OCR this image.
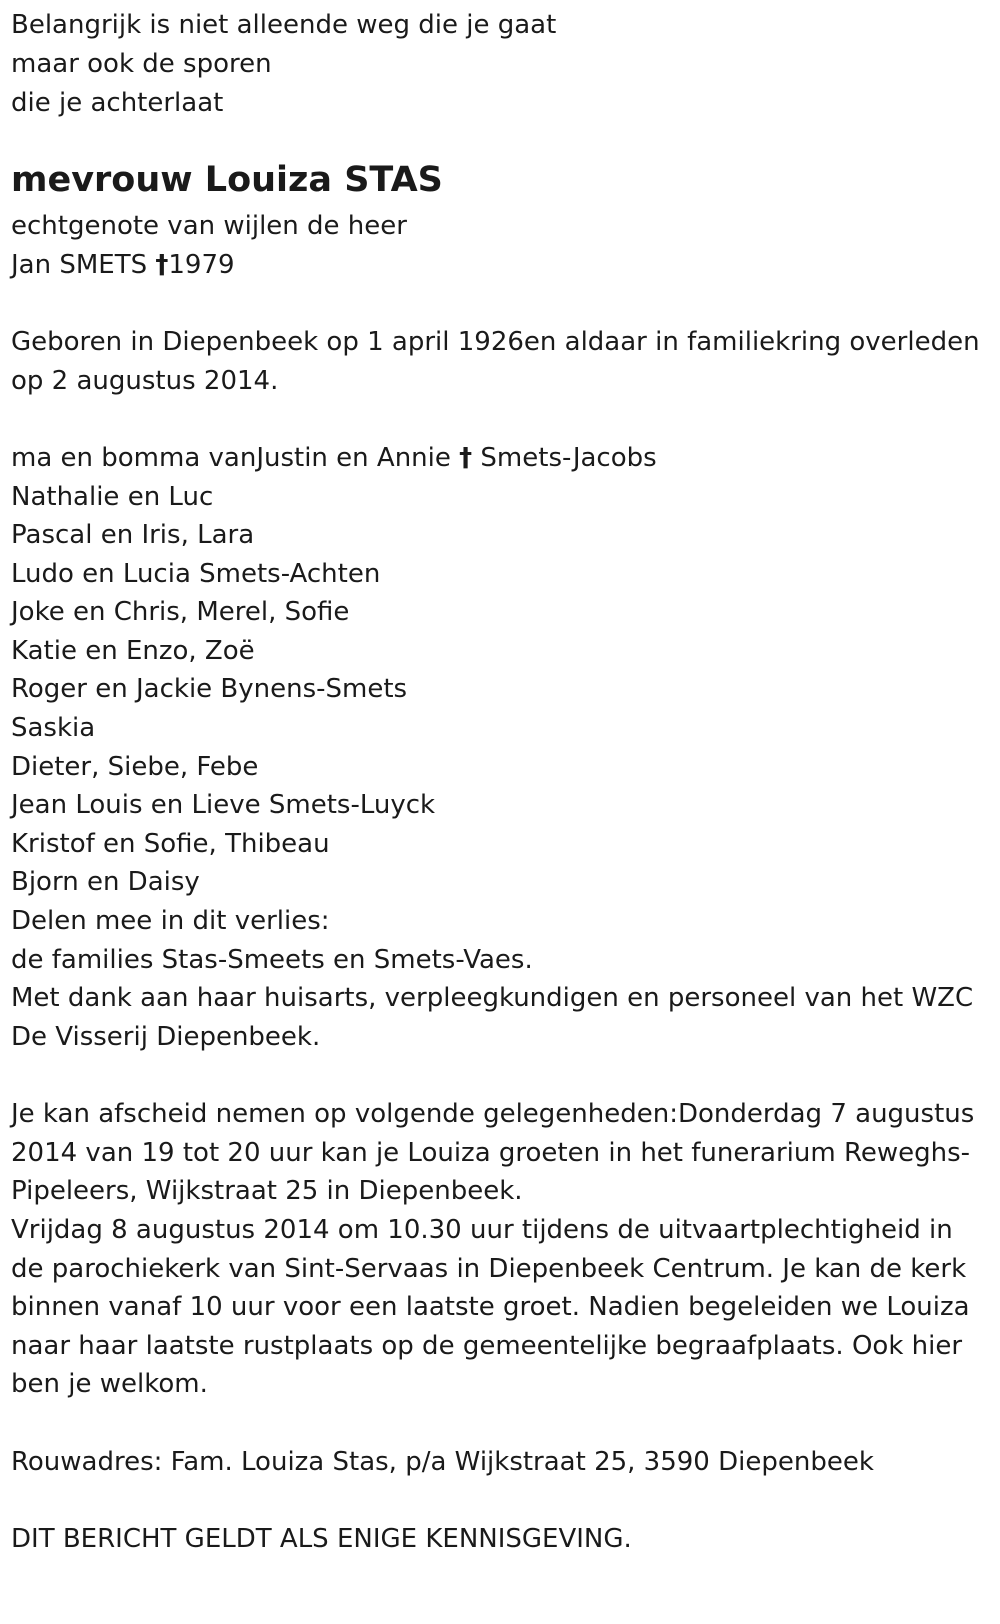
Belangrijk is niet alleende weg die je gaat
maar ook de sporen
die je achterlaat
mevrouw Louiza STAS
echtgenote van wijlen de heer
Jan SMETS †1979
Geboren in Diepenbeek op 1 april 1926en aldaar in familiekring overleden
op 2 augustus 2014.
ma en bomma vanJustin en Annie † Smets-Jacobs
Nathalie en Luc
Pascal en Iris, Lara
Ludo en Lucia Smets-Achten
Joke en Chris, Merel, Sofie
Katie en Enzo, Zoë
Roger en Jackie Bynens-Smets
Saskia
Dieter, Siebe, Febe
Jean Louis en Lieve Smets-Luyck
Kristof en Sofie, Thibeau
Bjorn en Daisy
Delen mee in dit verlies:
de families Stas-Smeets en Smets-Vaes.
Met dank aan haar huisarts, verpleegkundigen en personeel van het WZC
De Visserij Diepenbeek.
Je kan afscheid nemen op volgende gelegenheden:Donderdag 7 augustus
2014 van 19 tot 20 uur kan je Louiza groeten in het funerarium Reweghs-
Pipeleers, Wijkstraat 25 in Diepenbeek.
Vrijdag 8 augustus 2014 om 10.30 uur tijdens de uitvaartplechtigheid in
de parochiekerk van Sint-Servaas in Diepenbeek Centrum. Je kan de kerk
binnen vanaf 10 uur voor een laatste groet. Nadien begeleiden we Louiza
naar haar laatste rustplaats op de gemeentelijke begraafplaats. Ook hier
ben je welkom.
Rouwadres: Fam. Louiza Stas, p/a Wijkstraat 25, 3590 Diepenbeek
DIT BERICHT GELDT ALS ENIGE KENNISGEVING.
